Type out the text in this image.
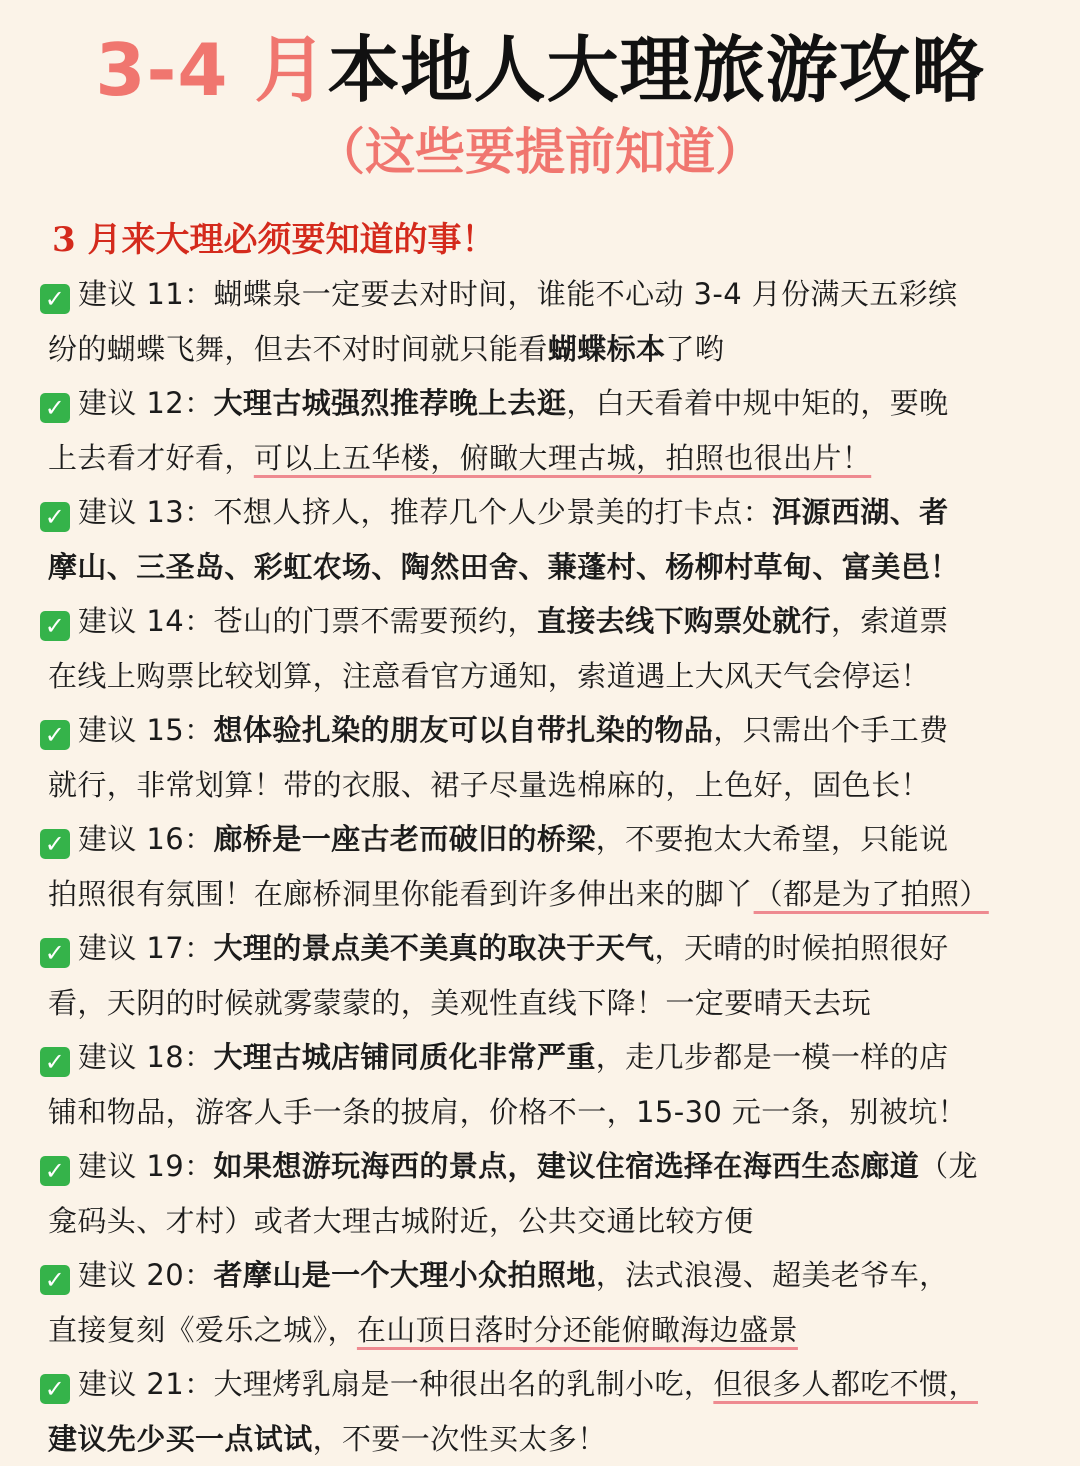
3-4 月本地人大理旅游攻略
（这些要提前知道）
3 月来大理必须要知道的事！
✓ 建议 11：蝴蝶泉一定要去对时间，谁能不心动 3-4 月份满天五彩缤
纷的蝴蝶飞舞，但去不对时间就只能看蝴蝶标本了哟
✓ 建议 12：大理古城强烈推荐晚上去逛，白天看着中规中矩的，要晚
上去看才好看，可以上五华楼，俯瞰大理古城，拍照也很出片！
✓ 建议 13：不想人挤人，推荐几个人少景美的打卡点：洱源西湖、者
摩山、三圣岛、彩虹农场、陶然田舍、蒹蓬村、杨柳村草甸、富美邑！
✓ 建议 14：苍山的门票不需要预约，直接去线下购票处就行，索道票
在线上购票比较划算，注意看官方通知，索道遇上大风天气会停运！
✓ 建议 15：想体验扎染的朋友可以自带扎染的物品，只需出个手工费
就行，非常划算！带的衣服、裙子尽量选棉麻的，上色好，固色长！
✓ 建议 16：廊桥是一座古老而破旧的桥梁，不要抱太大希望，只能说
拍照很有氛围！在廊桥洞里你能看到许多伸出来的脚丫（都是为了拍照）
✓ 建议 17：大理的景点美不美真的取决于天气，天晴的时候拍照很好
看，天阴的时候就雾蒙蒙的，美观性直线下降！一定要晴天去玩
✓ 建议 18：大理古城店铺同质化非常严重，走几步都是一模一样的店
铺和物品，游客人手一条的披肩，价格不一，15-30 元一条，别被坑！
✓ 建议 19：如果想游玩海西的景点，建议住宿选择在海西生态廊道（龙
龛码头、才村）或者大理古城附近，公共交通比较方便
✓ 建议 20：者摩山是一个大理小众拍照地，法式浪漫、超美老爷车，
直接复刻《爱乐之城》，在山顶日落时分还能俯瞰海边盛景
✓ 建议 21：大理烤乳扇是一种很出名的乳制小吃，但很多人都吃不惯，
建议先少买一点试试，不要一次性买太多！
